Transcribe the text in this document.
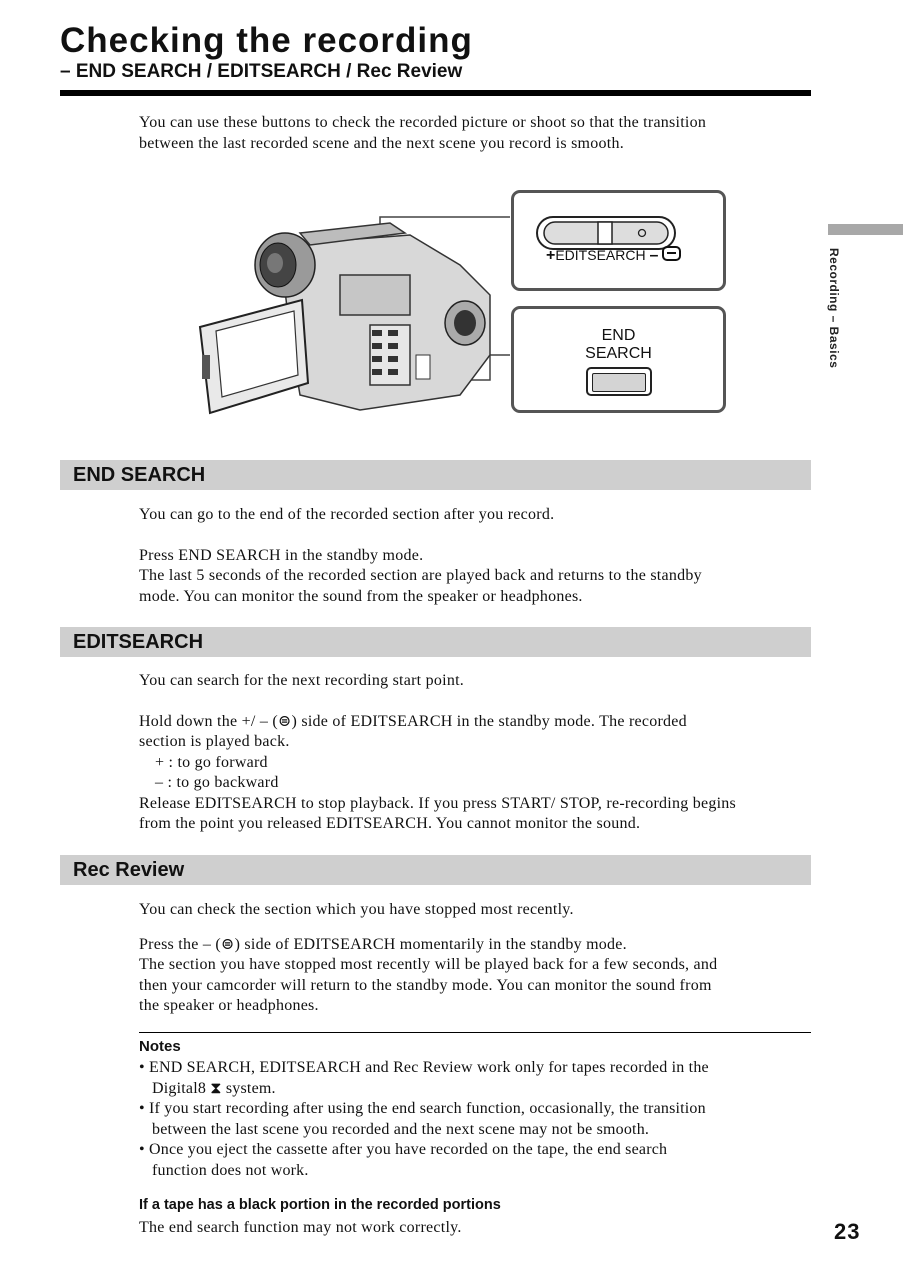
Checking the recording
– END SEARCH / EDITSEARCH / Rec Review
Recording – Basics

You can use these buttons to check the recorded picture or shoot so that the transition

between the last recorded scene and the next scene you record is smooth.

+EDITSEARCH –
END
SEARCH
END SEARCH

You can go to the end of the recorded section after you record.

Press END SEARCH in the standby mode.

The last 5 seconds of the recorded section are played back and returns to the standby

mode. You can monitor the sound from the speaker or headphones.

EDITSEARCH

You can search for the next recording start point.

Hold down the +/ – (⊜) side of EDITSEARCH in the standby mode. The recorded

section is played back.

+ : to go forward

– : to go backward

Release EDITSEARCH to stop playback. If you press START/ STOP, re-recording begins

from the point you released EDITSEARCH. You cannot monitor the sound.

Rec Review

You can check the section which you have stopped most recently.

Press the – (⊜) side of EDITSEARCH momentarily in the standby mode.

The section you have stopped most recently will be played back for a few seconds, and

then your camcorder will return to the standby mode. You can monitor the sound from

the speaker or headphones.

Notes
• END SEARCH, EDITSEARCH and Rec Review work only for tapes recorded in the
Digital8 ⧗ system.
• If you start recording after using the end search function, occasionally, the transition
between the last scene you recorded and the next scene may not be smooth.
• Once you eject the cassette after you have recorded on the tape, the end search
function does not work.
If a tape has a black portion in the recorded portions
The end search function may not work correctly.	23
